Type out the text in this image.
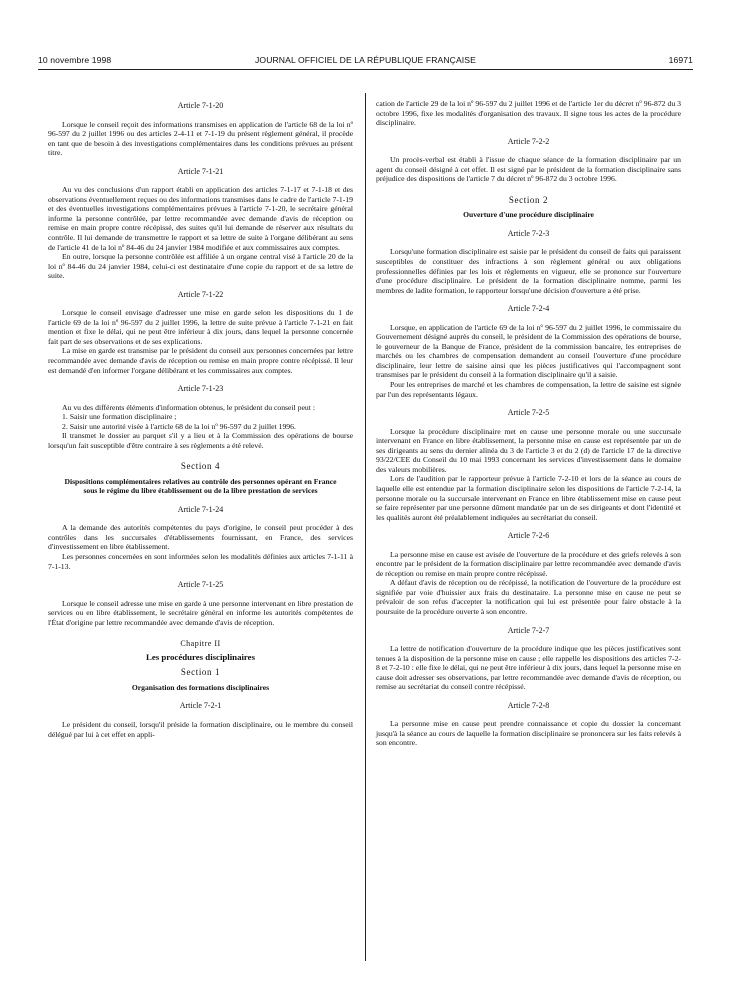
10 novembre 1998	JOURNAL OFFICIEL DE LA RÉPUBLIQUE FRANÇAISE	16971
Article 7-1-20

Lorsque le conseil reçoit des informations transmises en application de l'article 68 de la loi nº 96-597 du 2 juillet 1996 ou des articles 2-4-11 et 7-1-19 du présent règlement général, il procède en tant que de besoin à des investigations complémentaires dans les conditions prévues au présent titre.

Article 7-1-21

Au vu des conclusions d'un rapport établi en application des articles 7-1-17 et 7-1-18 et des observations éventuellement reçues ou des informations transmises dans le cadre de l'article 7-1-19 et des éventuelles investigations complémentaires prévues à l'article 7-1-20, le secrétaire général informe la personne contrôlée, par lettre recommandée avec demande d'avis de réception ou remise en main propre contre récépissé, des suites qu'il lui demande de réserver aux résultats du contrôle. Il lui demande de transmettre le rapport et sa lettre de suite à l'organe délibérant au sens de l'article 41 de la loi nº 84-46 du 24 janvier 1984 modifiée et aux commissaires aux comptes.

En outre, lorsque la personne contrôlée est affiliée à un organe central visé à l'article 20 de la loi nº 84-46 du 24 janvier 1984, celui-ci est destinataire d'une copie du rapport et de sa lettre de suite.

Article 7-1-22

Lorsque le conseil envisage d'adresser une mise en garde selon les dispositions du 1 de l'article 69 de la loi nº 96-597 du 2 juillet 1996, la lettre de suite prévue à l'article 7-1-21 en fait mention et fixe le délai, qui ne peut être inférieur à dix jours, dans lequel la personne concernée fait part de ses observations et de ses explications.

La mise en garde est transmise par le président du conseil aux personnes concernées par lettre recommandée avec demande d'avis de réception ou remise en main propre contre récépissé. Il leur est demandé d'en informer l'organe délibérant et les commissaires aux comptes.

Article 7-1-23

Au vu des différents éléments d'information obtenus, le président du conseil peut :

1. Saisir une formation disciplinaire ;

2. Saisir une autorité visée à l'article 68 de la loi nº 96-597 du 2 juillet 1996.

Il transmet le dossier au parquet s'il y a lieu et à la Commission des opérations de bourse lorsqu'un fait susceptible d'être contraire à ses règlements a été relevé.

Section 4
Dispositions complémentaires relatives au contrôle des personnes opérant en France sous le régime du libre établissement ou de la libre prestation de services
Article 7-1-24

A la demande des autorités compétentes du pays d'origine, le conseil peut procéder à des contrôles dans les succursales d'établissements fournissant, en France, des services d'investissement en libre établissement.

Les personnes concernées en sont informées selon les modalités définies aux articles 7-1-11 à 7-1-13.

Article 7-1-25

Lorsque le conseil adresse une mise en garde à une personne intervenant en libre prestation de services ou en libre établissement, le secrétaire général en informe les autorités compétentes de l'État d'origine par lettre recommandée avec demande d'avis de réception.

Chapitre II
Les procédures disciplinaires
Section 1
Organisation des formations disciplinaires
Article 7-2-1

Le président du conseil, lorsqu'il préside la formation disciplinaire, ou le membre du conseil délégué par lui à cet effet en appli-

cation de l'article 29 de la loi nº 96-597 du 2 juillet 1996 et de l'article 1er du décret nº 96-872 du 3 octobre 1996, fixe les modalités d'organisation des travaux. Il signe tous les actes de la procédure disciplinaire.

Article 7-2-2

Un procès-verbal est établi à l'issue de chaque séance de la formation disciplinaire par un agent du conseil désigné à cet effet. Il est signé par le président de la formation disciplinaire sans préjudice des dispositions de l'article 7 du décret nº 96-872 du 3 octobre 1996.

Section 2
Ouverture d'une procédure disciplinaire
Article 7-2-3

Lorsqu'une formation disciplinaire est saisie par le président du conseil de faits qui paraissent susceptibles de constituer des infractions à son règlement général ou aux obligations professionnelles définies par les lois et règlements en vigueur, elle se prononce sur l'ouverture d'une procédure disciplinaire. Le président de la formation disciplinaire nomme, parmi les membres de ladite formation, le rapporteur lorsqu'une décision d'ouverture a été prise.

Article 7-2-4

Lorsque, en application de l'article 69 de la loi nº 96-597 du 2 juillet 1996, le commissaire du Gouvernement désigné auprès du conseil, le président de la Commission des opérations de bourse, le gouverneur de la Banque de France, président de la commission bancaire, les entreprises de marchés ou les chambres de compensation demandent au conseil l'ouverture d'une procédure disciplinaire, leur lettre de saisine ainsi que les pièces justificatives qui l'accompagnent sont transmises par le président du conseil à la formation disciplinaire qu'il a saisie.

Pour les entreprises de marché et les chambres de compensation, la lettre de saisine est signée par l'un des représentants légaux.

Article 7-2-5

Lorsque la procédure disciplinaire met en cause une personne morale ou une succursale intervenant en France en libre établissement, la personne mise en cause est représentée par un de ses dirigeants au sens du dernier alinéa du 3 de l'article 3 et du 2 (d) de l'article 17 de la directive 93/22/CEE du Conseil du 10 mai 1993 concernant les services d'investissement dans le domaine des valeurs mobilières.

Lors de l'audition par le rapporteur prévue à l'article 7-2-10 et lors de la séance au cours de laquelle elle est entendue par la formation disciplinaire selon les dispositions de l'article 7-2-14, la personne morale ou la succursale intervenant en France en libre établissement mise en cause peut se faire représenter par une personne dûment mandatée par un de ses dirigeants et dont l'identité et les qualités auront été préalablement indiquées au secrétariat du conseil.

Article 7-2-6

La personne mise en cause est avisée de l'ouverture de la procédure et des griefs relevés à son encontre par le président de la formation disciplinaire par lettre recommandée avec demande d'avis de réception ou remise en main propre contre récépissé.

A défaut d'avis de réception ou de récépissé, la notification de l'ouverture de la procédure est signifiée par voie d'huissier aux frais du destinataire. La personne mise en cause ne peut se prévaloir de son refus d'accepter la notification qui lui est présentée pour faire obstacle à la poursuite de la procédure ouverte à son encontre.

Article 7-2-7

La lettre de notification d'ouverture de la procédure indique que les pièces justificatives sont tenues à la disposition de la personne mise en cause ; elle rappelle les dispositions des articles 7-2-8 et 7-2-10 : elle fixe le délai, qui ne peut être inférieur à dix jours, dans lequel la personne mise en cause doit adresser ses observations, par lettre recommandée avec demande d'avis de réception, ou remise au secrétariat du conseil contre récépissé.

Article 7-2-8

La personne mise en cause peut prendre connaissance et copie du dossier la concernant jusqu'à la séance au cours de laquelle la formation disciplinaire se prononcera sur les faits relevés à son encontre.
